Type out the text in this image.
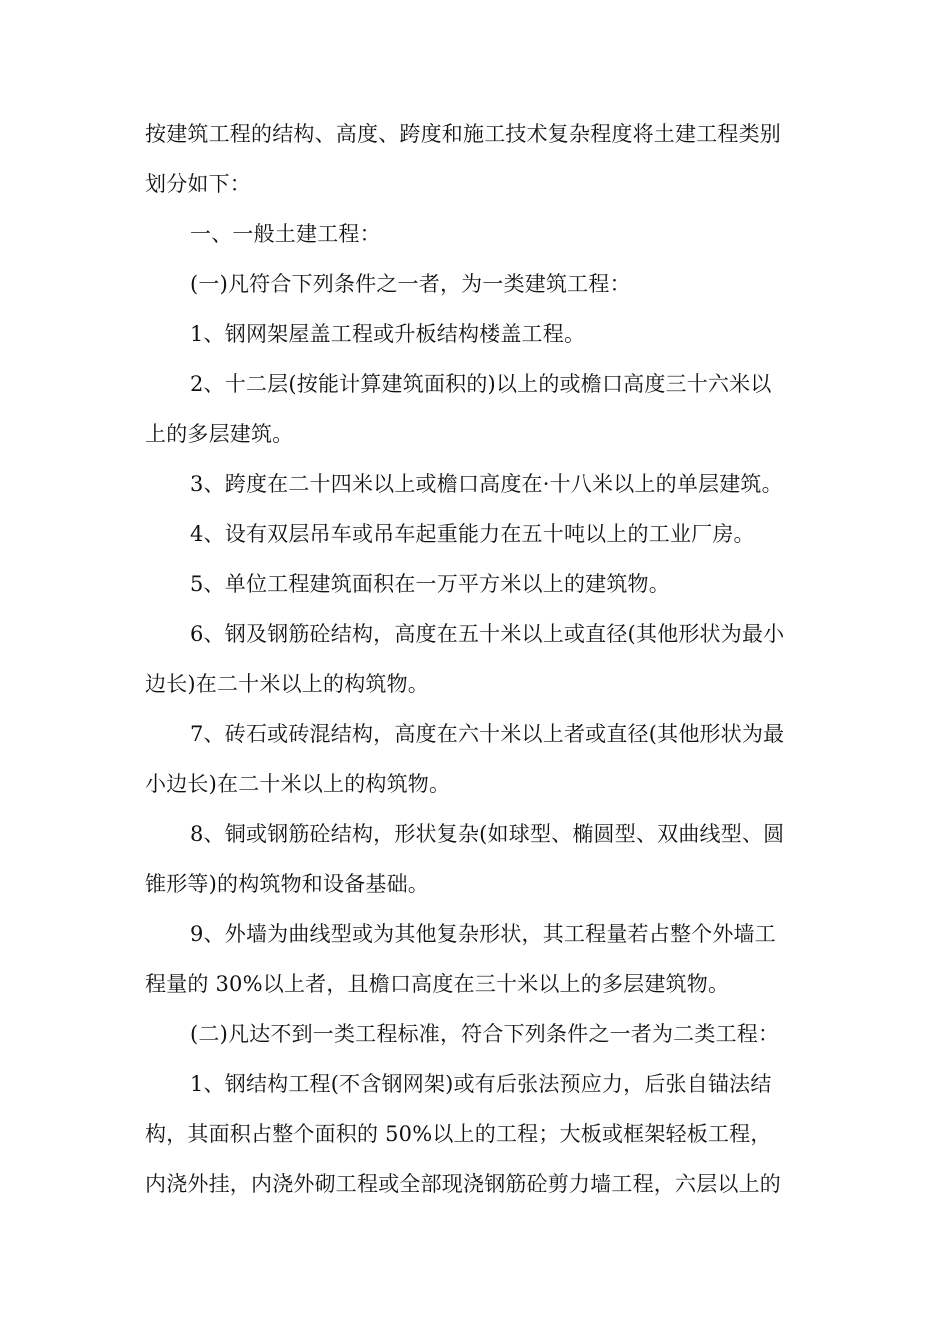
按建筑工程的结构、高度、跨度和施工技术复杂程度将土建工程类别
划分如下：
一、一般土建工程：
(一)凡符合下列条件之一者，为一类建筑工程：
1、钢网架屋盖工程或升板结构楼盖工程。
2、十二层(按能计算建筑面积的)以上的或檐口高度三十六米以
上的多层建筑。
3、跨度在二十四米以上或檐口高度在·十八米以上的单层建筑。
4、设有双层吊车或吊车起重能力在五十吨以上的工业厂房。
5、单位工程建筑面积在一万平方米以上的建筑物。
6、钢及钢筋砼结构，高度在五十米以上或直径(其他形状为最小
边长)在二十米以上的构筑物。
7、砖石或砖混结构，高度在六十米以上者或直径(其他形状为最
小边长)在二十米以上的构筑物。
8、铜或钢筋砼结构，形状复杂(如球型、椭圆型、双曲线型、圆
锥形等)的构筑物和设备基础。
9、外墙为曲线型或为其他复杂形状，其工程量若占整个外墙工
程量的 30%以上者，且檐口高度在三十米以上的多层建筑物。
(二)凡达不到一类工程标准，符合下列条件之一者为二类工程：
1、钢结构工程(不含钢网架)或有后张法预应力，后张自锚法结
构，其面积占整个面积的 50%以上的工程；大板或框架轻板工程，
内浇外挂，内浇外砌工程或全部现浇钢筋砼剪力墙工程，六层以上的
